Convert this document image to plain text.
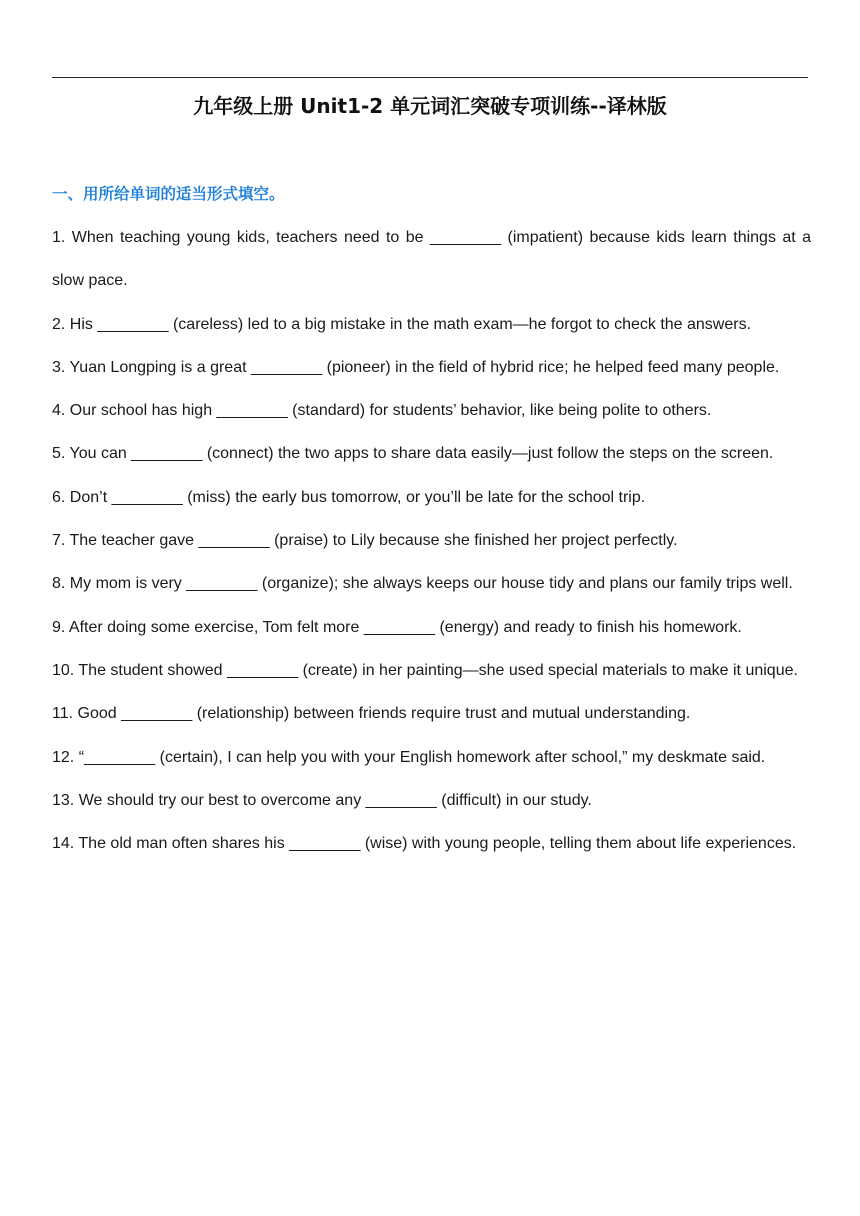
九年级上册 Unit1-2 单元词汇突破专项训练--译林版
一、用所给单词的适当形式填空。

1. When teaching young kids, teachers need to be ________ (impatient) because kids learn things at a slow pace.

2. His ________ (careless) led to a big mistake in the math exam—he forgot to check the answers.

3. Yuan Longping is a great ________ (pioneer) in the field of hybrid rice; he helped feed many people.

4. Our school has high ________ (standard) for students’ behavior, like being polite to others.

5. You can ________ (connect) the two apps to share data easily—just follow the steps on the screen.

6. Don’t ________ (miss) the early bus tomorrow, or you’ll be late for the school trip.

7. The teacher gave ________ (praise) to Lily because she finished her project perfectly.

8. My mom is very ________ (organize); she always keeps our house tidy and plans our family trips well.

9. After doing some exercise, Tom felt more ________ (energy) and ready to finish his homework.

10. The student showed ________ (create) in her painting—she used special materials to make it unique.

11. Good ________ (relationship) between friends require trust and mutual understanding.

12. “________ (certain), I can help you with your English homework after school,” my deskmate said.

13. We should try our best to overcome any ________ (difficult) in our study.

14. The old man often shares his ________ (wise) with young people, telling them about life experiences.
